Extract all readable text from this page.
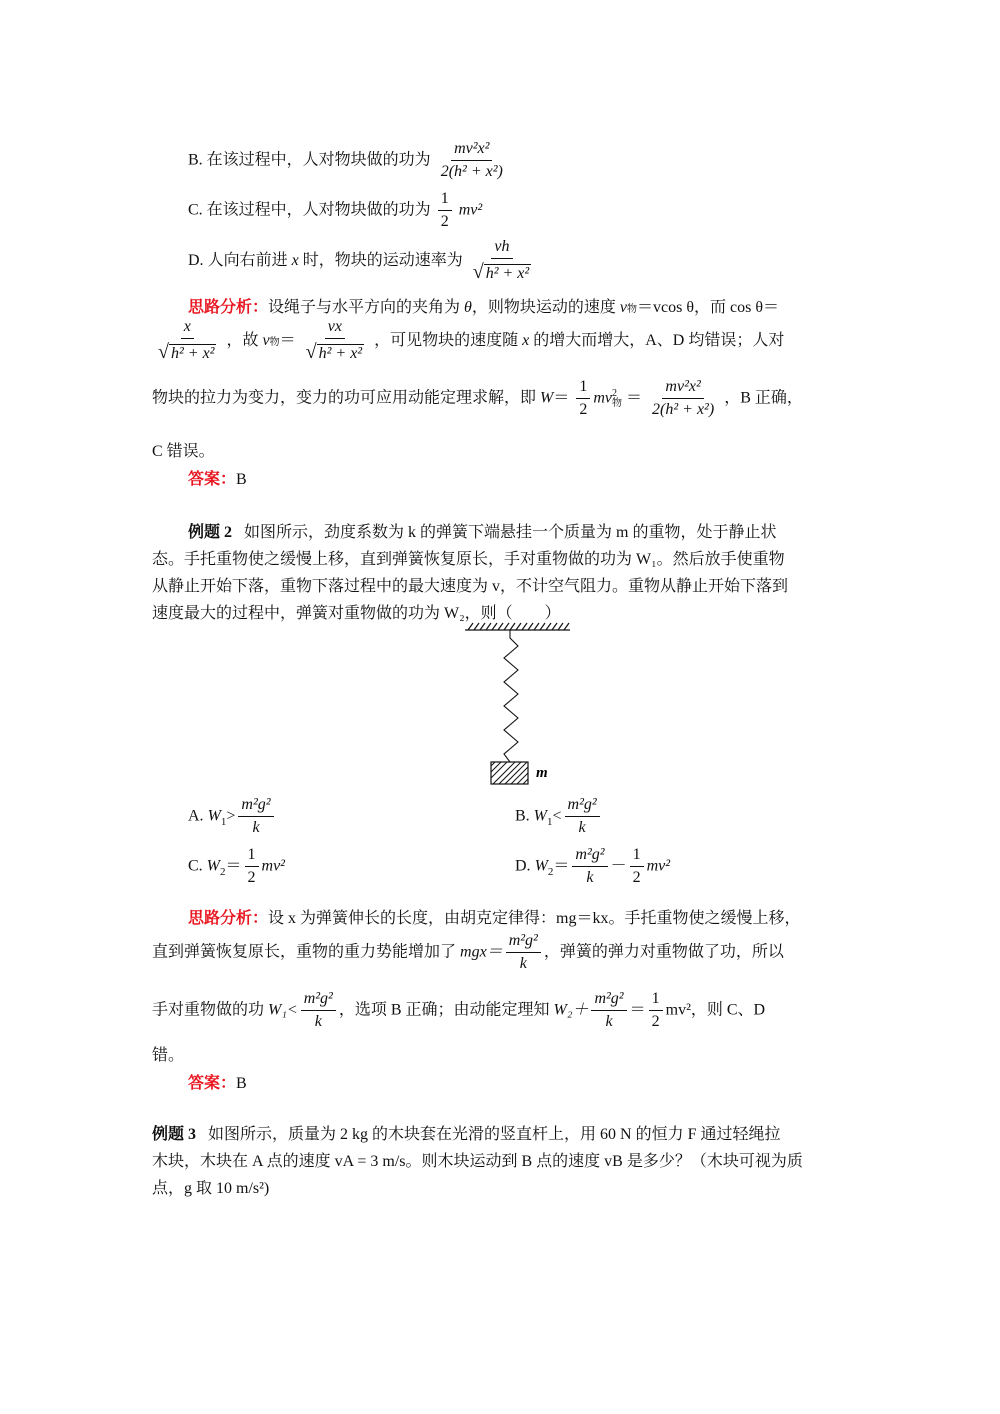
B. 在该过程中，人对物块做的功为 $\frac{\text{mv²x²}}{\text{2(h² + x²)}}$
C. 在该过程中，人对物块做的功为 $\frac{1}{2} mv^2$
D. 人向右前进 x 时，物块的运动速率为 $\frac{vh}{\text{√ h² + x²}}$
思路分析：设绳子与水平方向的夹角为 θ，则物块运动的速度 v物＝vcos θ，而 cos θ＝
$\frac{x}{\text{√ h² + x²}}$ ，故 v物＝ $\frac{vx}{\text{√ h² + x²}}$ ，可见物块的速度随 x 的增大而增大，A、D 均错误；人对
物块的拉力为变力，变力的功可应用动能定理求解，即 $W= \frac{1}{2}$ mv 2
物 ＝ $\frac{\text{mv²x²}}{\text{2(h² + x²)}}$ ，B 正确，
C 错误。
答案：B
例题 2 如图所示，劲度系数为 k 的弹簧下端悬挂一个质量为 m 的重物，处于静止状
态。手托重物使之缓慢上移，直到弹簧恢复原长，手对重物做的功为 W₁。然后放手使重物
从静止开始下落，重物下落过程中的最大速度为 v，不计空气阻力。重物从静止开始下落到
速度最大的过程中，弹簧对重物做的功为 W₂，则（　　）
m
A. $W_1> \frac{\text{m²g²}}{k}$	B. $W_1< \frac{\text{m²g²}}{k}$
C. $W_2= \frac{1}{2} mv^2$	D. $W_2= \frac{\text{m²g²}}{k} - \frac{1}{2} mv^2$
思路分析：设 x 为弹簧伸长的长度，由胡克定律得：mg＝kx。手托重物使之缓慢上移，
直到弹簧恢复原长，重物的重力势能增加了 $mgx= \frac{\text{m²g²}}{k}$ ，弹簧的弹力对重物做了功，所以
手对重物做的功 $W_1< \frac{\text{m²g²}}{k}$ ，选项 B 正确；由动能定理知 $W_2+ \frac{\text{m²g²}}{k} = \frac{1}{2} mv^2$，则 C、D
错。
答案：B
例题 3 如图所示，质量为 2 kg 的木块套在光滑的竖直杆上，用 60 N 的恒力 F 通过轻绳拉
木块，木块在 A 点的速度 vA = 3 m/s。则木块运动到 B 点的速度 vB 是多少？（木块可视为质
点，g 取 10 m/s²)
